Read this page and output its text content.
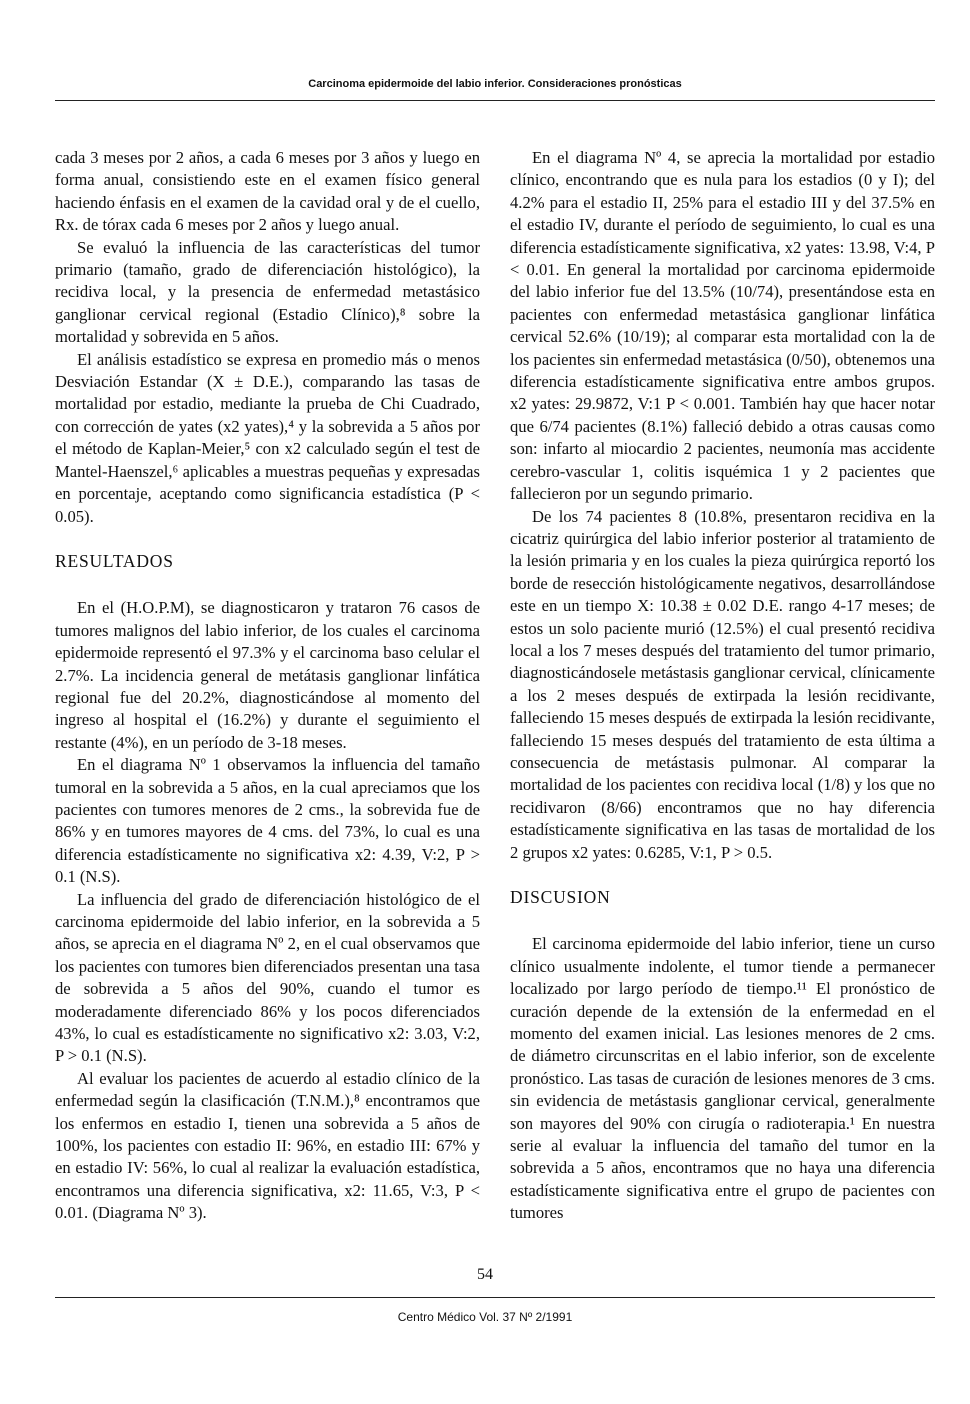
Carcinoma epidermoide del labio inferior. Consideraciones pronósticas

cada 3 meses por 2 años, a cada 6 meses por 3 años y luego en forma anual, consistiendo este en el examen físico general haciendo énfasis en el examen de la cavidad oral y de el cuello, Rx. de tórax cada 6 meses por 2 años y luego anual.

Se evaluó la influencia de las características del tumor primario (tamaño, grado de diferenciación histológico), la recidiva local, y la presencia de enfermedad metastásico ganglionar cervical regional (Estadio Clínico),⁸ sobre la mortalidad y sobrevida en 5 años.

El análisis estadístico se expresa en promedio más o menos Desviación Estandar (X ± D.E.), comparando las tasas de mortalidad por estadio, mediante la prueba de Chi Cuadrado, con corrección de yates (x2 yates),⁴ y la sobrevida a 5 años por el método de Kaplan-Meier,⁵ con x2 calculado según el test de Mantel-Haenszel,⁶ aplicables a muestras pequeñas y expresadas en porcentaje, aceptando como significancia estadística (P < 0.05).

RESULTADOS

En el (H.O.P.M), se diagnosticaron y trataron 76 casos de tumores malignos del labio inferior, de los cuales el carcinoma epidermoide representó el 97.3% y el carcinoma baso celular el 2.7%. La incidencia general de metátasis ganglionar linfática regional fue del 20.2%, diagnosticándose al momento del ingreso al hospital el (16.2%) y durante el seguimiento el restante (4%), en un período de 3-18 meses.

En el diagrama Nº 1 observamos la influencia del tamaño tumoral en la sobrevida a 5 años, en la cual apreciamos que los pacientes con tumores menores de 2 cms., la sobrevida fue de 86% y en tumores mayores de 4 cms. del 73%, lo cual es una diferencia estadísticamente no significativa x2: 4.39, V:2, P > 0.1 (N.S).

La influencia del grado de diferenciación histológico de el carcinoma epidermoide del labio inferior, en la sobrevida a 5 años, se aprecia en el diagrama Nº 2, en el cual observamos que los pacientes con tumores bien diferenciados presentan una tasa de sobrevida a 5 años del 90%, cuando el tumor es moderadamente diferenciado 86% y los pocos diferenciados 43%, lo cual es estadísticamente no significativo x2: 3.03, V:2, P > 0.1 (N.S).

Al evaluar los pacientes de acuerdo al estadio clínico de la enfermedad según la clasificación (T.N.M.),⁸ encontramos que los enfermos en estadio I, tienen una sobrevida a 5 años de 100%, los pacientes con estadio II: 96%, en estadio III: 67% y en estadio IV: 56%, lo cual al realizar la evaluación estadística, encontramos una diferencia significativa, x2: 11.65, V:3, P < 0.01. (Diagrama Nº 3).

En el diagrama Nº 4, se aprecia la mortalidad por estadio clínico, encontrando que es nula para los estadios (0 y I); del 4.2% para el estadio II, 25% para el estadio III y del 37.5% en el estadio IV, durante el período de seguimiento, lo cual es una diferencia estadísticamente significativa, x2 yates: 13.98, V:4, P < 0.01. En general la mortalidad por carcinoma epidermoide del labio inferior fue del 13.5% (10/74), presentándose esta en pacientes con enfermedad metastásica ganglionar linfática cervical 52.6% (10/19); al comparar esta mortalidad con la de los pacientes sin enfermedad metastásica (0/50), obtenemos una diferencia estadísticamente significativa entre ambos grupos. x2 yates: 29.9872, V:1 P < 0.001. También hay que hacer notar que 6/74 pacientes (8.1%) falleció debido a otras causas como son: infarto al miocardio 2 pacientes, neumonía mas accidente cerebro-vascular 1, colitis isquémica 1 y 2 pacientes que fallecieron por un segundo primario.

De los 74 pacientes 8 (10.8%, presentaron recidiva en la cicatriz quirúrgica del labio inferior posterior al tratamiento de la lesión primaria y en los cuales la pieza quirúrgica reportó los borde de resección histológicamente negativos, desarrollándose este en un tiempo X: 10.38 ± 0.02 D.E. rango 4-17 meses; de estos un solo paciente murió (12.5%) el cual presentó recidiva local a los 7 meses después del tratamiento del tumor primario, diagnosticándosele metástasis ganglionar cervical, clínicamente a los 2 meses después de extirpada la lesión recidivante, falleciendo 15 meses después de extirpada la lesión recidivante, falleciendo 15 meses después del tratamiento de esta última a consecuencia de metástasis pulmonar. Al comparar la mortalidad de los pacientes con recidiva local (1/8) y los que no recidivaron (8/66) encontramos que no hay diferencia estadísticamente significativa en las tasas de mortalidad de los 2 grupos x2 yates: 0.6285, V:1, P > 0.5.

DISCUSION

El carcinoma epidermoide del labio inferior, tiene un curso clínico usualmente indolente, el tumor tiende a permanecer localizado por largo período de tiempo.¹¹ El pronóstico de curación depende de la extensión de la enfermedad en el momento del examen inicial. Las lesiones menores de 2 cms. de diámetro circunscritas en el labio inferior, son de excelente pronóstico. Las tasas de curación de lesiones menores de 3 cms. sin evidencia de metástasis ganglionar cervical, generalmente son mayores del 90% con cirugía o radioterapia.¹ En nuestra serie al evaluar la influencia del tamaño del tumor en la sobrevida a 5 años, encontramos que no haya una diferencia estadísticamente significativa entre el grupo de pacientes con tumores

54
Centro Médico Vol. 37 Nº 2/1991
